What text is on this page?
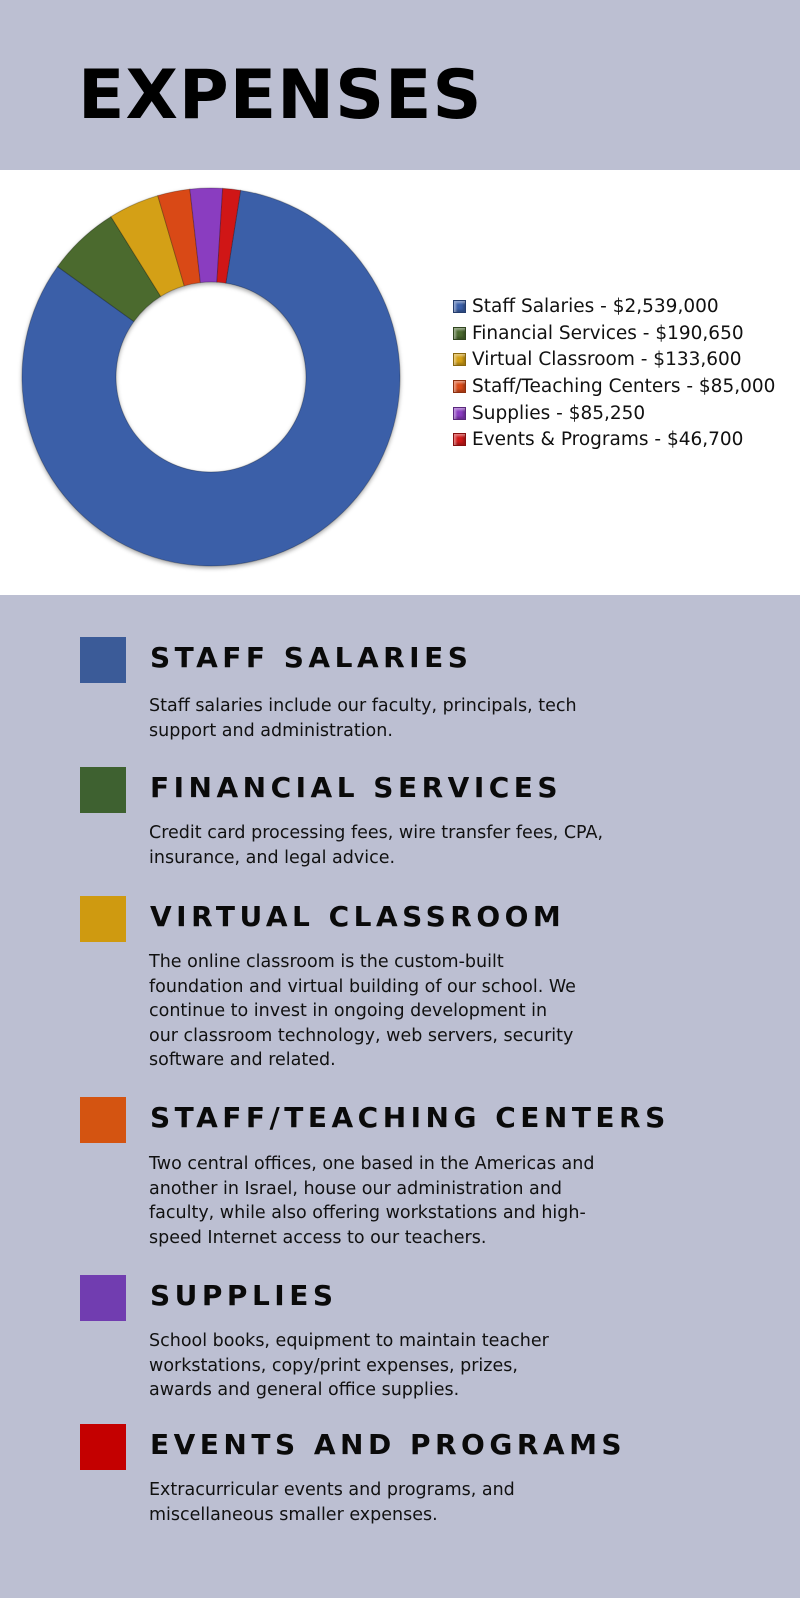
EXPENSES
Staff Salaries - $2,539,000
Financial Services - $190,650
Virtual Classroom - $133,600
Staff/Teaching Centers - $85,000
Supplies - $85,250
Events & Programs - $46,700
STAFF SALARIES

Staff salaries include our faculty, principals, tech support and administration.

FINANCIAL SERVICES

Credit card processing fees, wire transfer fees, CPA, insurance, and legal advice.

VIRTUAL CLASSROOM

The online classroom is the custom-built foundation and virtual building of our school. We continue to invest in ongoing development in our classroom technology, web servers, security software and related.

STAFF/TEACHING CENTERS

Two central offices, one based in the Americas and another in Israel, house our administration and faculty, while also offering workstations and high-speed Internet access to our teachers.

SUPPLIES

School books, equipment to maintain teacher workstations, copy/print expenses, prizes, awards and general office supplies.

EVENTS AND PROGRAMS

Extracurricular events and programs, and miscellaneous smaller expenses.
